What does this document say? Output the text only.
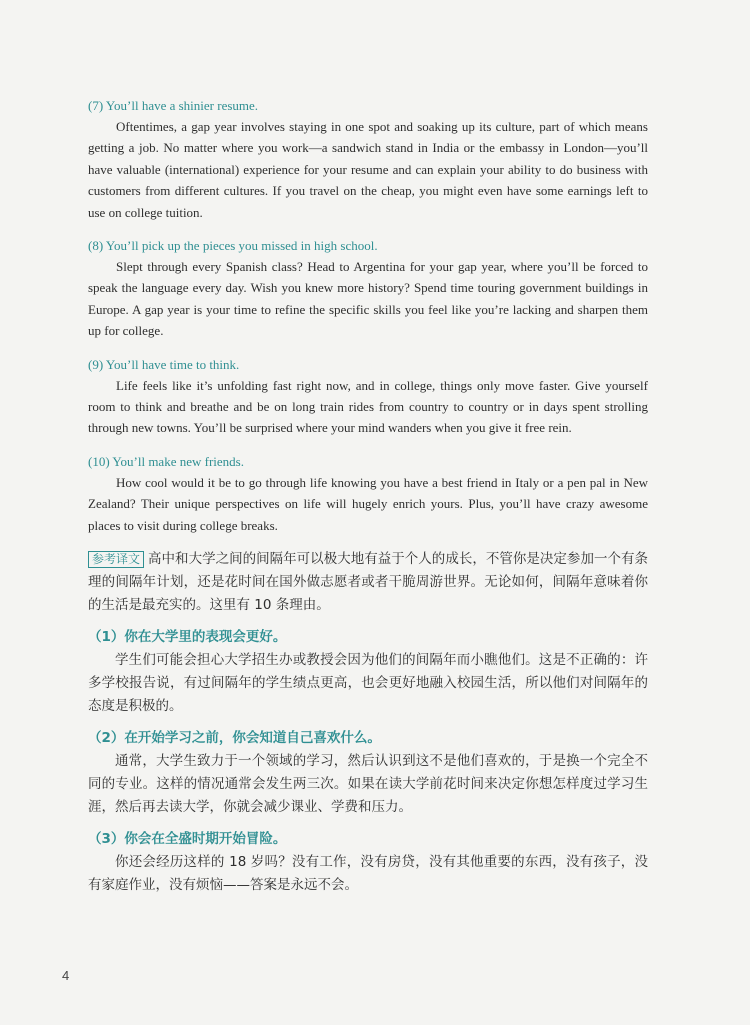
(7) You’ll have a shinier resume.

Oftentimes, a gap year involves staying in one spot and soaking up its culture, part of which means getting a job. No matter where you work—a sandwich stand in India or the embassy in London—you’ll have valuable (international) experience for your resume and can explain your ability to do business with customers from different cultures. If you travel on the cheap, you might even have some earnings left to use on college tuition.

(8) You’ll pick up the pieces you missed in high school.

Slept through every Spanish class? Head to Argentina for your gap year, where you’ll be forced to speak the language every day. Wish you knew more history? Spend time touring government buildings in Europe. A gap year is your time to refine the specific skills you feel like you’re lacking and sharpen them up for college.

(9) You’ll have time to think.

Life feels like it’s unfolding fast right now, and in college, things only move faster. Give yourself room to think and breathe and be on long train rides from country to country or in days spent strolling through new towns. You’ll be surprised where your mind wanders when you give it free rein.

(10) You’ll make new friends.

How cool would it be to go through life knowing you have a best friend in Italy or a pen pal in New Zealand? Their unique perspectives on life will hugely enrich yours. Plus, you’ll have crazy awesome places to visit during college breaks.

参考译文 高中和大学之间的间隔年可以极大地有益于个人的成长，不管你是决定参加一个有条理的间隔年计划，还是花时间在国外做志愿者或者干脆周游世界。无论如何，间隔年意味着你的生活是最充实的。这里有 10 条理由。

（1）你在大学里的表现会更好。

学生们可能会担心大学招生办或教授会因为他们的间隔年而小瞧他们。这是不正确的：许多学校报告说，有过间隔年的学生绩点更高，也会更好地融入校园生活，所以他们对间隔年的态度是积极的。

（2）在开始学习之前，你会知道自己喜欢什么。

通常，大学生致力于一个领域的学习，然后认识到这不是他们喜欢的，于是换一个完全不同的专业。这样的情况通常会发生两三次。如果在读大学前花时间来决定你想怎样度过学习生涯，然后再去读大学，你就会减少课业、学费和压力。

（3）你会在全盛时期开始冒险。

你还会经历这样的 18 岁吗？没有工作，没有房贷，没有其他重要的东西，没有孩子，没有家庭作业，没有烦恼——答案是永远不会。

4
